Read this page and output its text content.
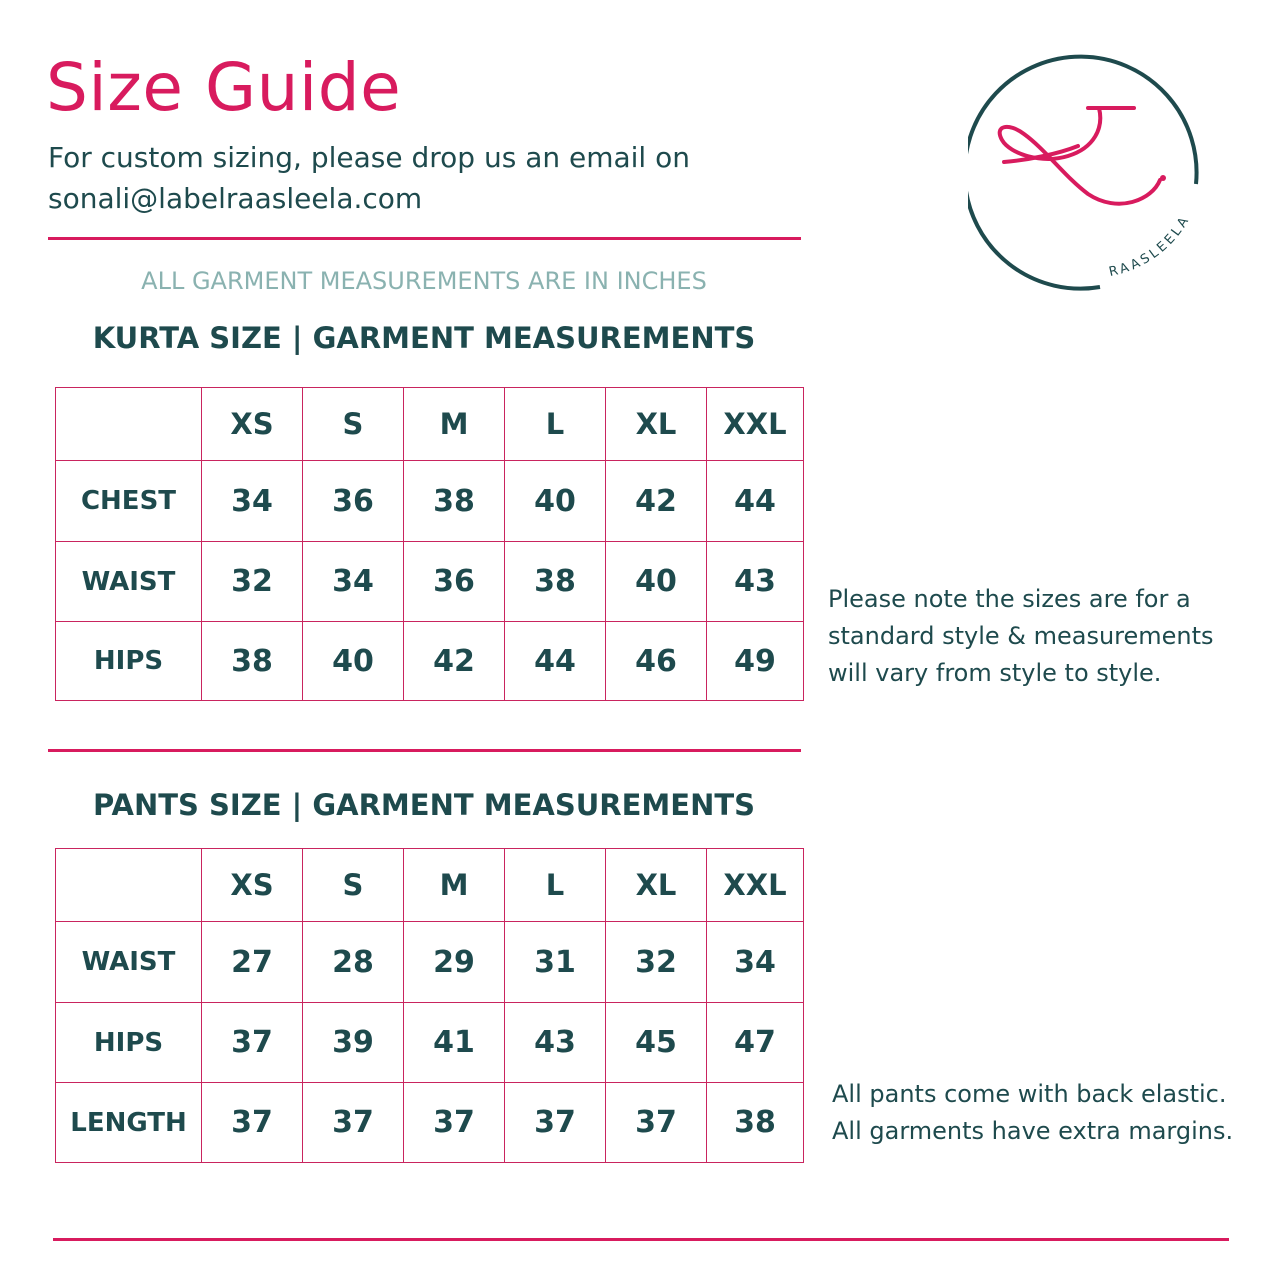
Size Guide
For custom sizing, please drop us an email on
sonali@labelraasleela.com
RAASLEELA
ALL GARMENT MEASUREMENTS ARE IN INCHES
KURTA SIZE | GARMENT MEASUREMENTS
	XS	S	M	L	XL	XXL
CHEST	34	36	38	40	42	44
WAIST	32	34	36	38	40	43
HIPS	38	40	42	44	46	49
Please note the sizes are for a
standard style & measurements
will vary from style to style.
PANTS SIZE | GARMENT MEASUREMENTS
	XS	S	M	L	XL	XXL
WAIST	27	28	29	31	32	34
HIPS	37	39	41	43	45	47
LENGTH	37	37	37	37	37	38
All pants come with back elastic.
All garments have extra margins.
